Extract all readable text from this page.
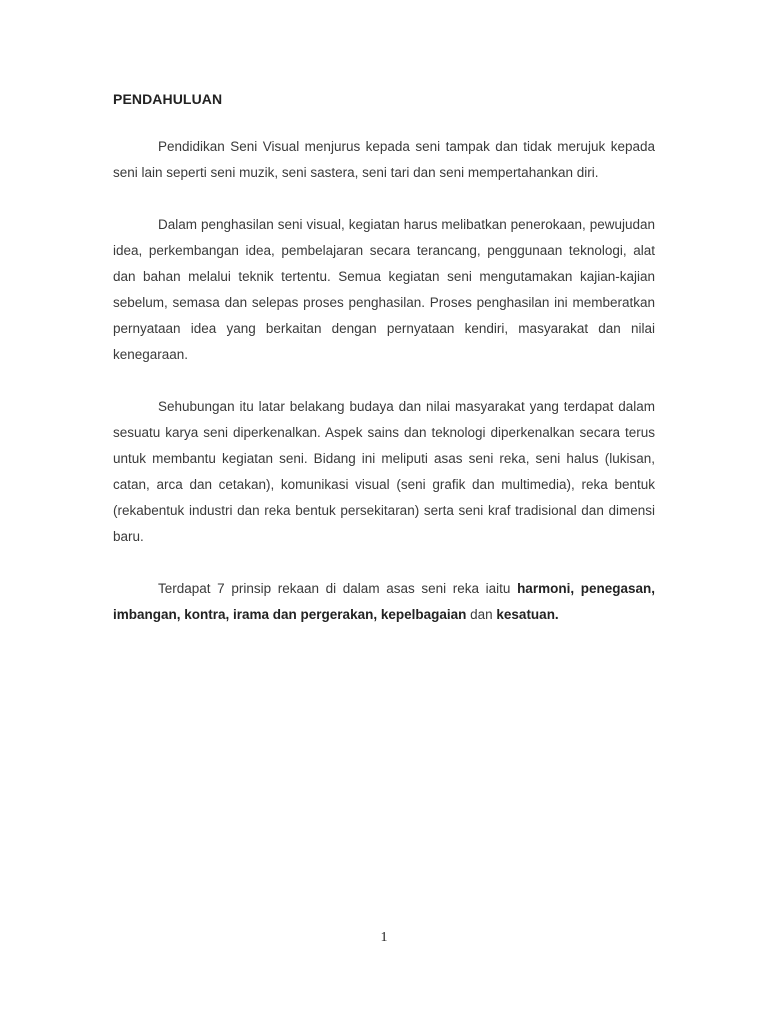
PENDAHULUAN

Pendidikan Seni Visual menjurus kepada seni tampak dan tidak merujuk kepada seni lain seperti seni muzik, seni sastera, seni tari dan seni mempertahankan diri.

Dalam penghasilan seni visual, kegiatan harus melibatkan penerokaan, pewujudan idea, perkembangan idea, pembelajaran secara terancang, penggunaan teknologi, alat dan bahan melalui teknik tertentu. Semua kegiatan seni mengutamakan kajian-kajian sebelum, semasa dan selepas proses penghasilan. Proses penghasilan ini memberatkan pernyataan idea yang berkaitan dengan pernyataan kendiri, masyarakat dan nilai kenegaraan.

Sehubungan itu latar belakang budaya dan nilai masyarakat yang terdapat dalam sesuatu karya seni diperkenalkan. Aspek sains dan teknologi diperkenalkan secara terus untuk membantu kegiatan seni. Bidang ini meliputi asas seni reka, seni halus (lukisan, catan, arca dan cetakan), komunikasi visual (seni grafik dan multimedia), reka bentuk (rekabentuk industri dan reka bentuk persekitaran) serta seni kraf tradisional dan dimensi baru.

Terdapat 7 prinsip rekaan di dalam asas seni reka iaitu harmoni, penegasan, imbangan, kontra, irama dan pergerakan, kepelbagaian dan kesatuan.

1
